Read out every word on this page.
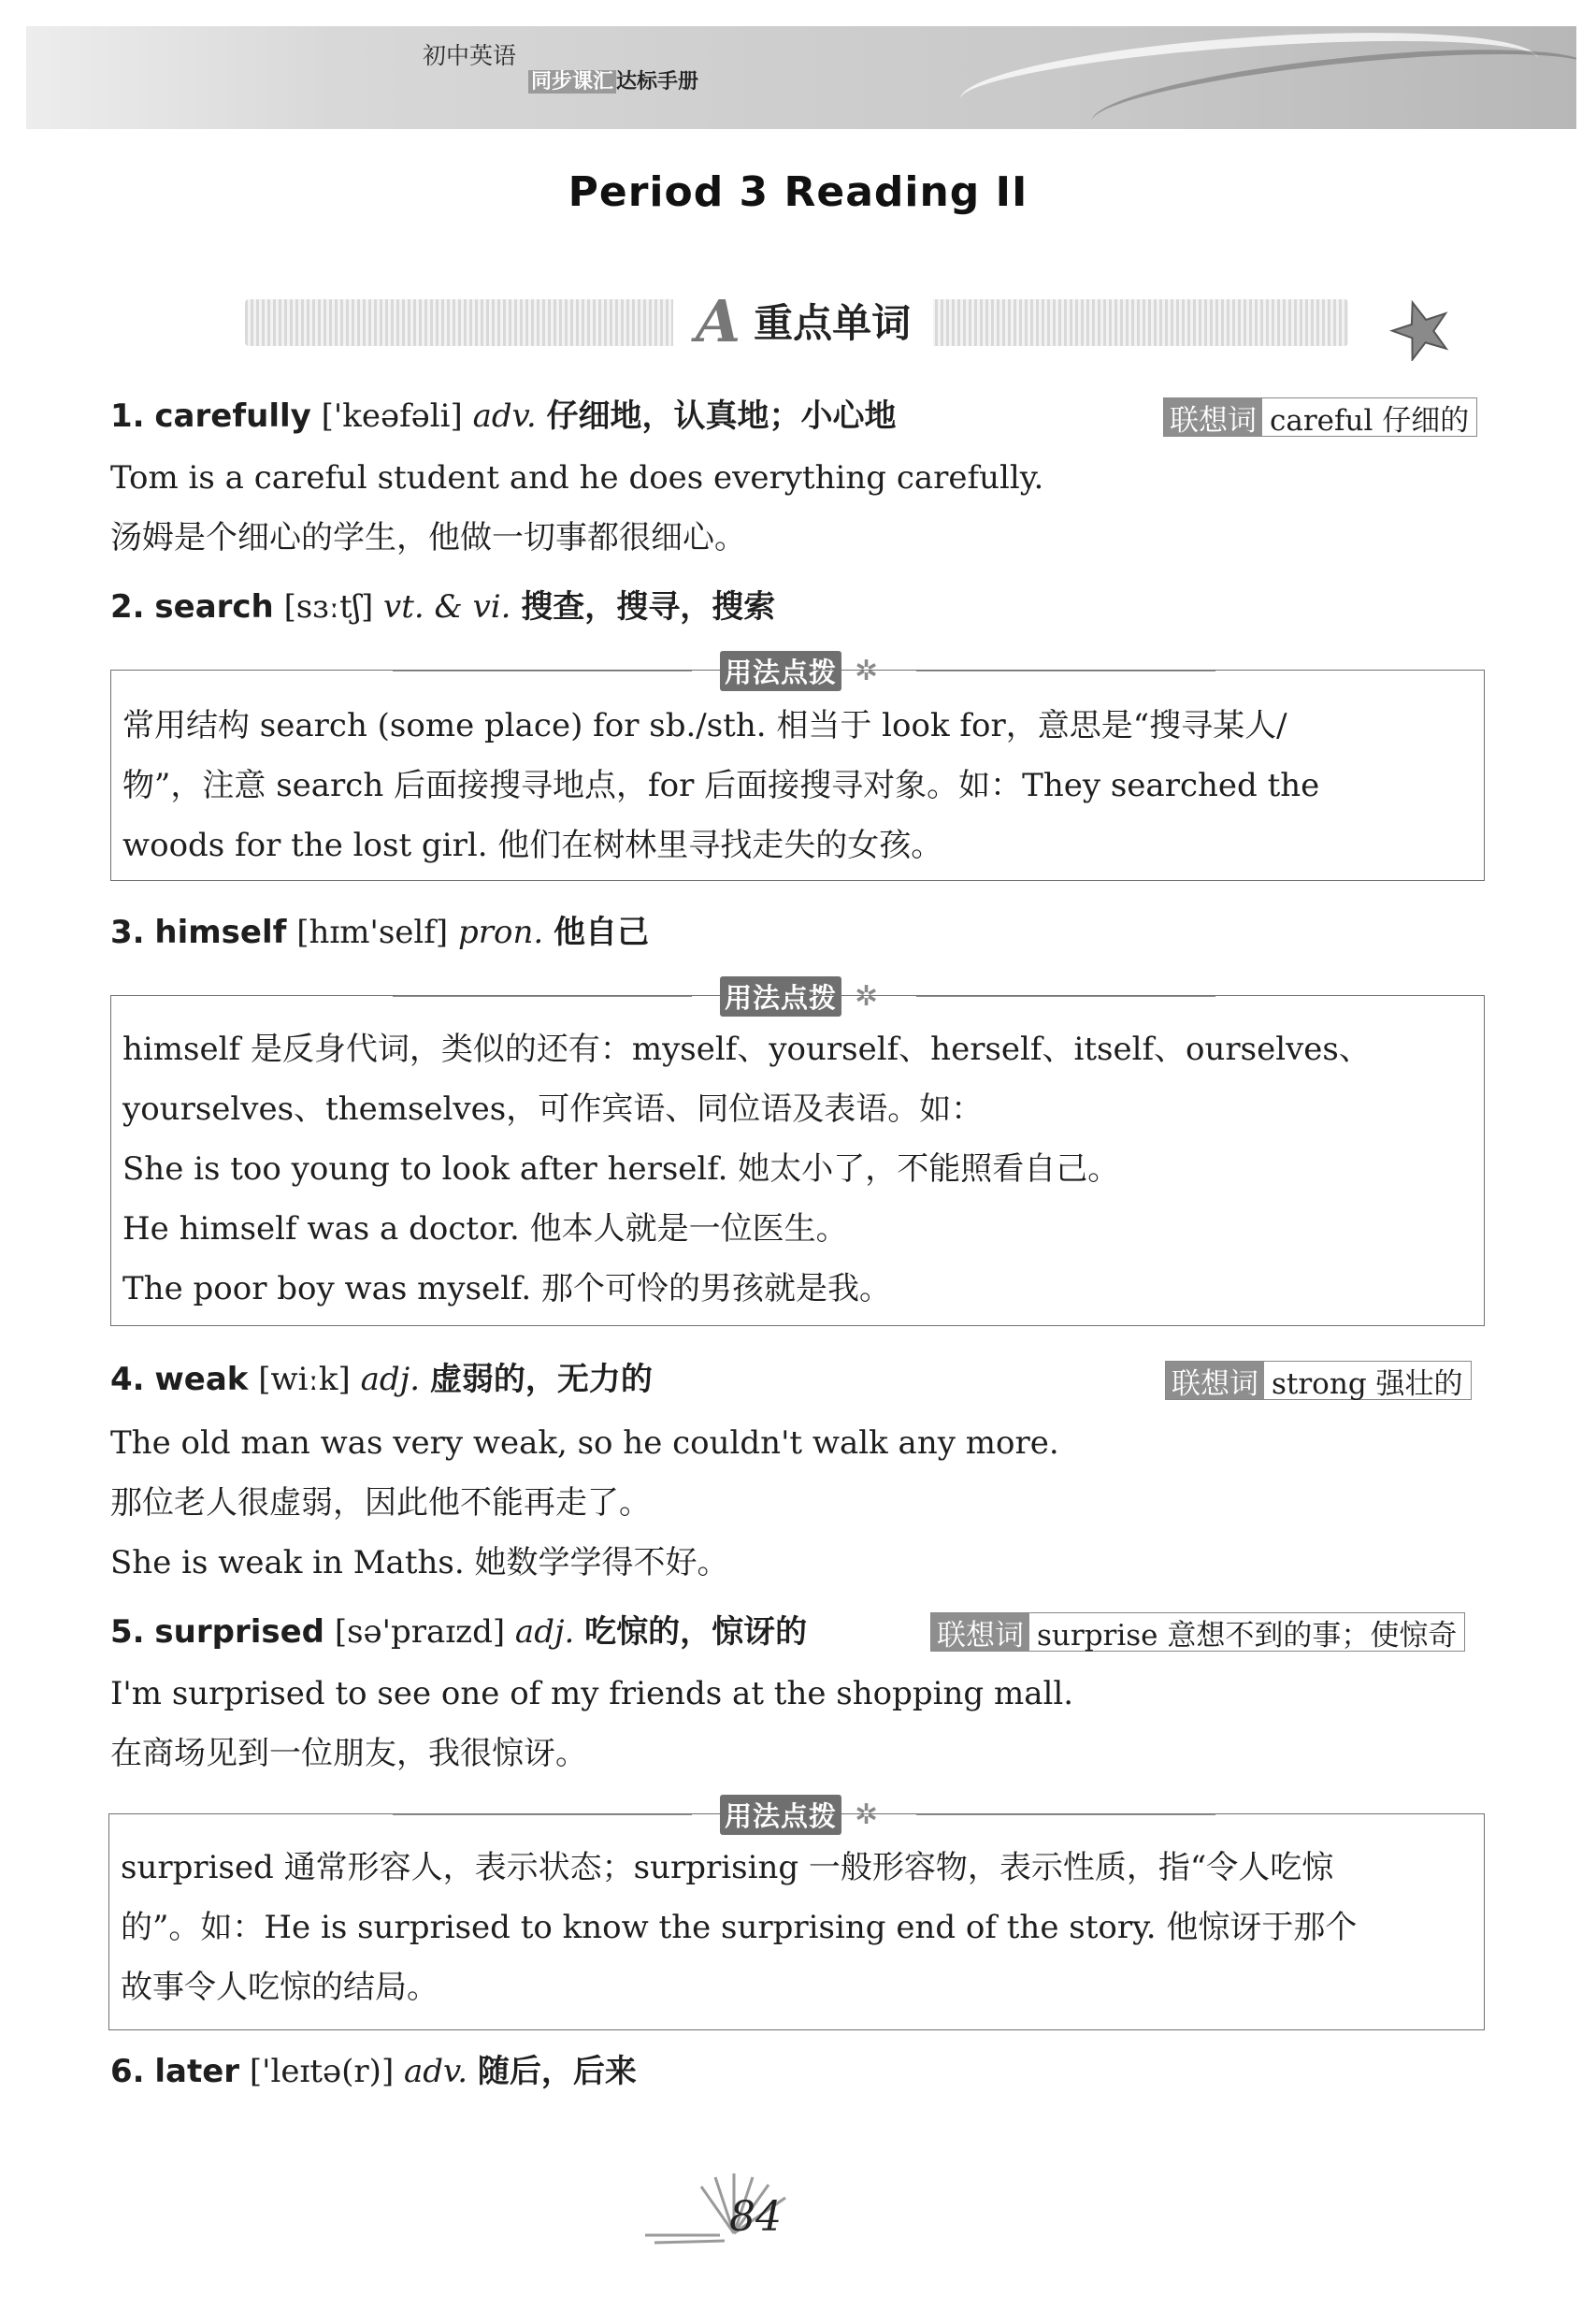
初中英语
同步课汇 达标手册
Period 3 Reading II
A 重点单词
1. carefully ['keəfəli] adv. 仔细地，认真地；小心地	联想词 careful 仔细的
Tom is a careful student and he does everything carefully.
汤姆是个细心的学生，他做一切事都很细心。
2. search [sɜːtʃ] vt. & vi. 搜查，搜寻，搜索
用法点拨 ✲
常用结构 search (some place) for sb./sth. 相当于 look for，意思是“搜寻某人/
物”，注意 search 后面接搜寻地点，for 后面接搜寻对象。如：They searched the
woods for the lost girl. 他们在树林里寻找走失的女孩。
3. himself [hɪm'self] pron. 他自己
用法点拨 ✲
himself 是反身代词，类似的还有：myself、yourself、herself、itself、ourselves、
yourselves、themselves，可作宾语、同位语及表语。如：
She is too young to look after herself. 她太小了，不能照看自己。
He himself was a doctor. 他本人就是一位医生。
The poor boy was myself. 那个可怜的男孩就是我。
4. weak [wiːk] adj. 虚弱的，无力的	联想词 strong 强壮的
The old man was very weak, so he couldn't walk any more.
那位老人很虚弱，因此他不能再走了。
She is weak in Maths. 她数学学得不好。
5. surprised [sə'praɪzd] adj. 吃惊的，惊讶的	联想词 surprise 意想不到的事；使惊奇
I'm surprised to see one of my friends at the shopping mall.
在商场见到一位朋友，我很惊讶。
用法点拨 ✲
surprised 通常形容人，表示状态；surprising 一般形容物，表示性质，指“令人吃惊
的”。如：He is surprised to know the surprising end of the story. 他惊讶于那个
故事令人吃惊的结局。
6. later ['leɪtə(r)] adv. 随后，后来
84
